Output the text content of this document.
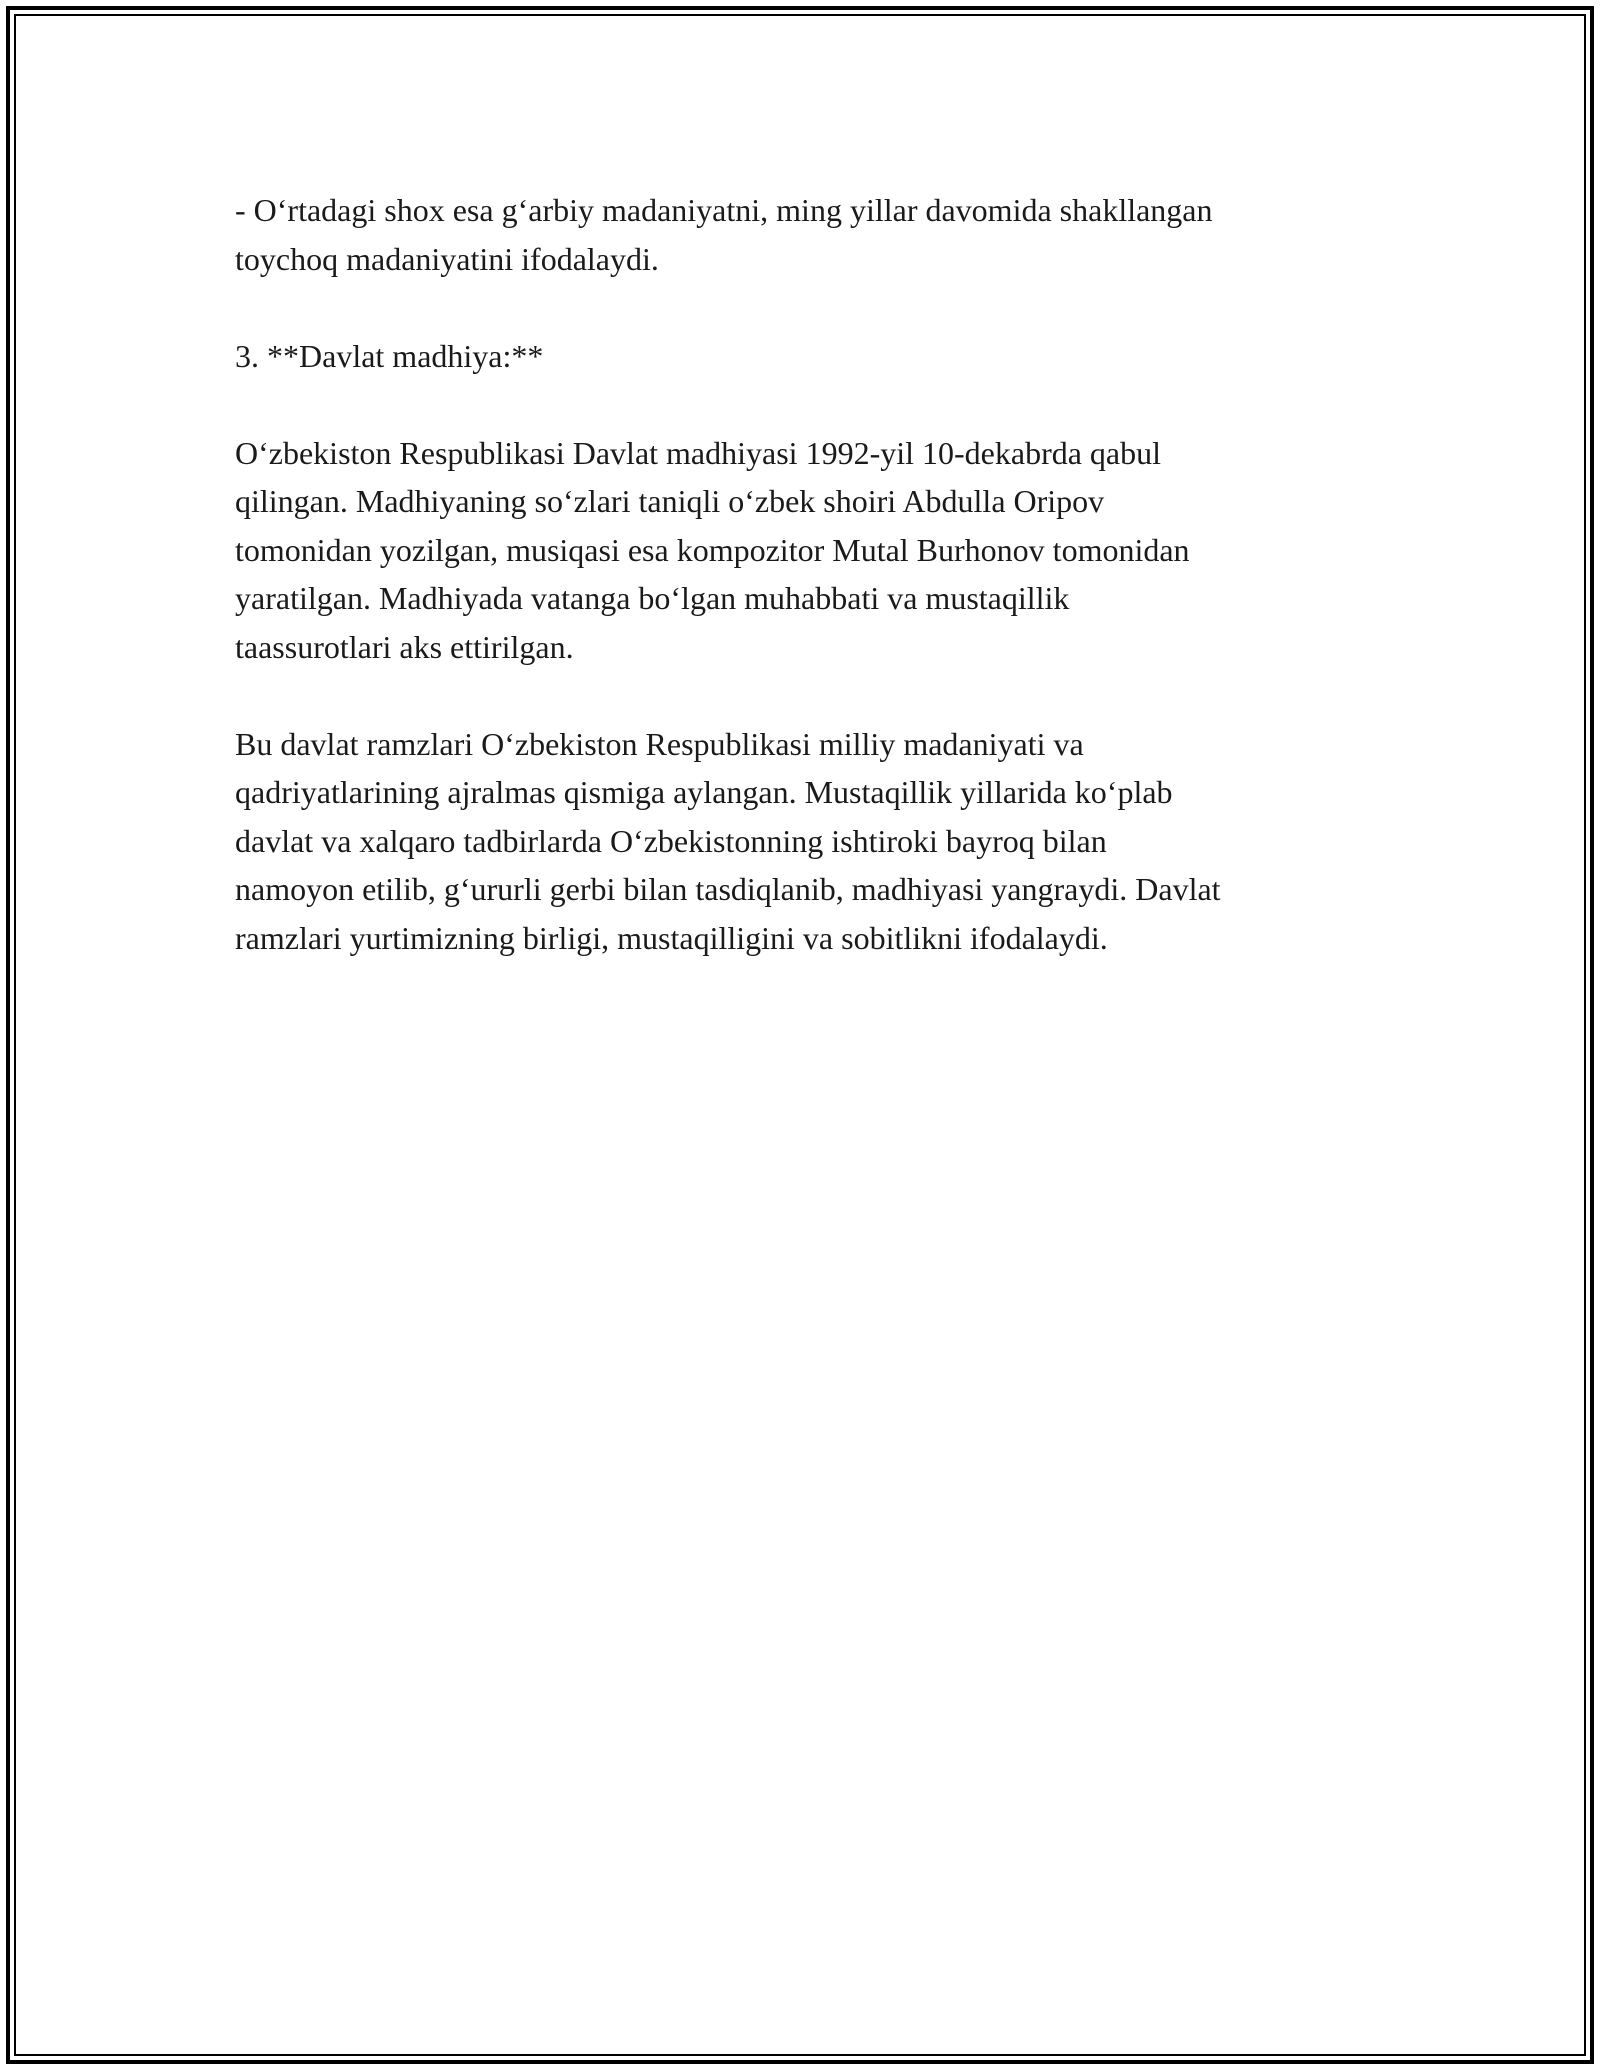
- O‘rtadagi shox esa g‘arbiy madaniyatni, ming yillar davomida shakllangan
toychoq madaniyatini ifodalaydi.

3. **Davlat madhiya:**

O‘zbekiston Respublikasi Davlat madhiyasi 1992-yil 10-dekabrda qabul
qilingan. Madhiyaning so‘zlari taniqli o‘zbek shoiri Abdulla Oripov
tomonidan yozilgan, musiqasi esa kompozitor Mutal Burhonov tomonidan
yaratilgan. Madhiyada vatanga bo‘lgan muhabbati va mustaqillik
taassurotlari aks ettirilgan.

Bu davlat ramzlari O‘zbekiston Respublikasi milliy madaniyati va
qadriyatlarining ajralmas qismiga aylangan. Mustaqillik yillarida ko‘plab
davlat va xalqaro tadbirlarda O‘zbekistonning ishtiroki bayroq bilan
namoyon etilib, g‘ururli gerbi bilan tasdiqlanib, madhiyasi yangraydi. Davlat
ramzlari yurtimizning birligi, mustaqilligini va sobitlikni ifodalaydi.
